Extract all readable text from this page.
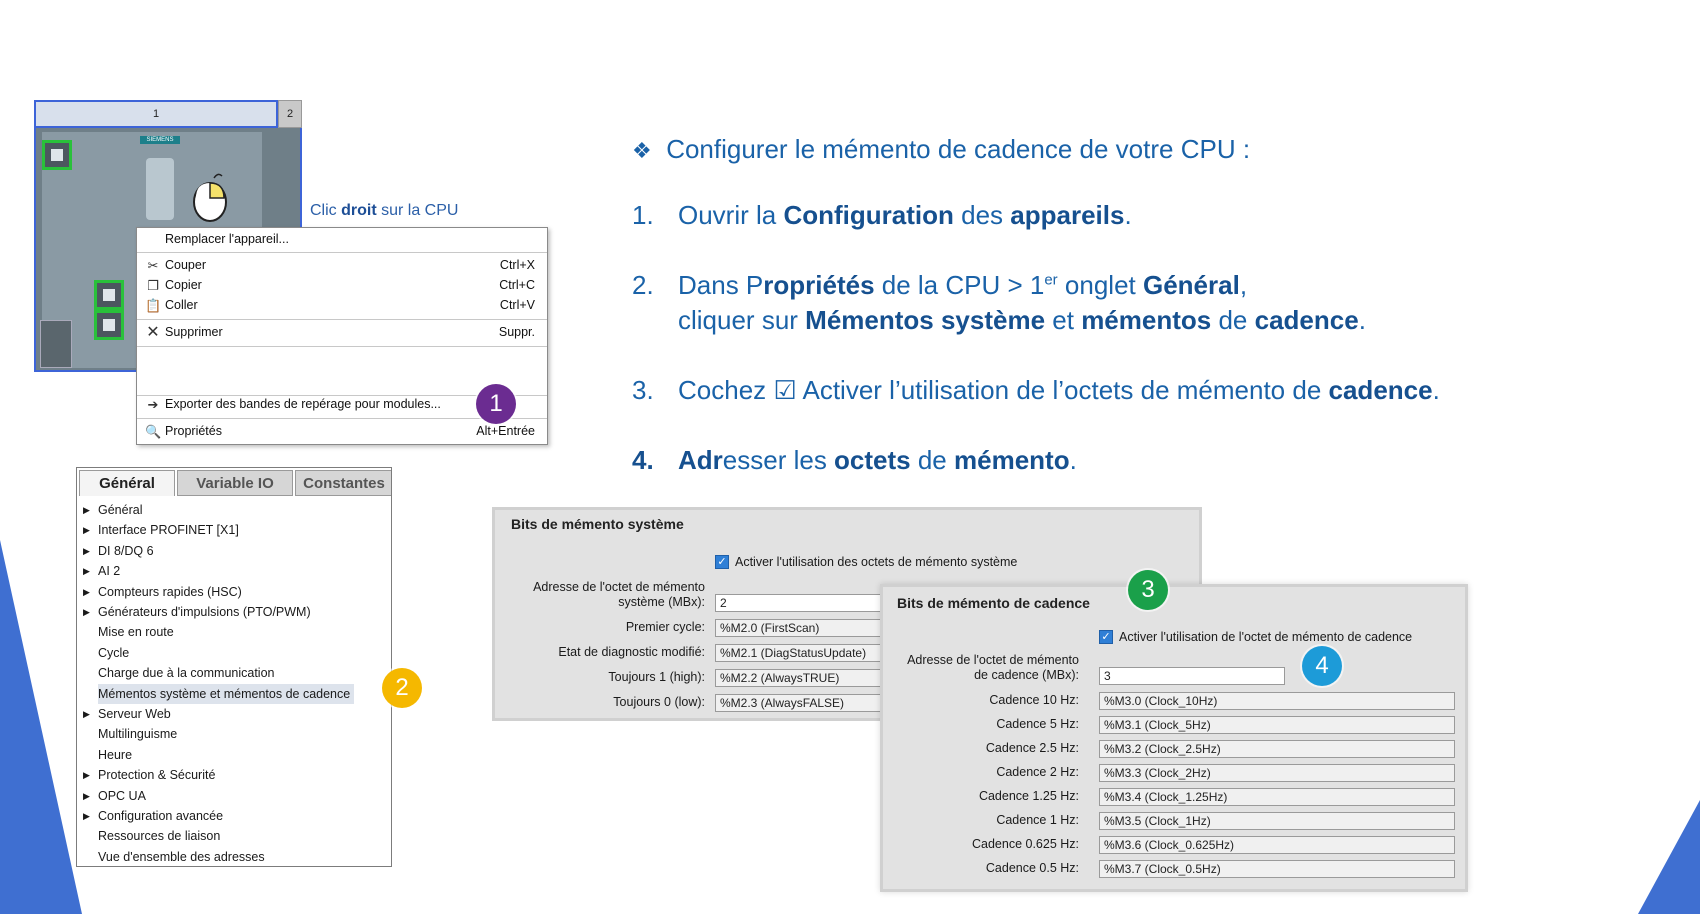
SIEMENS
1	2
Clic droit sur la CPU
Remplacer l'appareil...
✂ Couper	Ctrl+X
❐ Copier	Ctrl+C
📋 Coller	Ctrl+V
✕ Supprimer	Suppr.
➔ Exporter des bandes de repérage pour modules...
🔍 Propriétés	Alt+Entrée
1
Général	Variable IO	Constantes
▶ Général
▶ Interface PROFINET [X1]
▶ DI 8/DQ 6
▶ AI 2
▶ Compteurs rapides (HSC)
▶ Générateurs d'impulsions (PTO/PWM)
Mise en route
Cycle
Charge due à la communication
Mémentos système et mémentos de cadence
▶ Serveur Web
Multilinguisme
Heure
▶ Protection & Sécurité
▶ OPC UA
▶ Configuration avancée
Ressources de liaison
Vue d'ensemble des adresses
2
❖ Configurer le mémento de cadence de votre CPU :
1. Ouvrir la Configuration des appareils.
2. Dans Propriétés de la CPU > 1er onglet Général,
cliquer sur Mémentos système et mémentos de cadence.
3. Cochez ☑ Activer l’utilisation de l’octets de mémento de cadence.
4. Adresser les octets de mémento.
Bits de mémento système
✓ Activer l'utilisation des octets de mémento système
Adresse de l'octet de mémento
système (MBx):	2
Premier cycle:	%M2.0 (FirstScan)
Etat de diagnostic modifié:	%M2.1 (DiagStatusUpdate)
Toujours 1 (high):	%M2.2 (AlwaysTRUE)
Toujours 0 (low):	%M2.3 (AlwaysFALSE)
Bits de mémento de cadence
✓ Activer l'utilisation de l'octet de mémento de cadence
Adresse de l'octet de mémento
de cadence (MBx):	3
Cadence 10 Hz:	%M3.0 (Clock_10Hz)
Cadence 5 Hz:	%M3.1 (Clock_5Hz)
Cadence 2.5 Hz:	%M3.2 (Clock_2.5Hz)
Cadence 2 Hz:	%M3.3 (Clock_2Hz)
Cadence 1.25 Hz:	%M3.4 (Clock_1.25Hz)
Cadence 1 Hz:	%M3.5 (Clock_1Hz)
Cadence 0.625 Hz:	%M3.6 (Clock_0.625Hz)
Cadence 0.5 Hz:	%M3.7 (Clock_0.5Hz)
3
4
